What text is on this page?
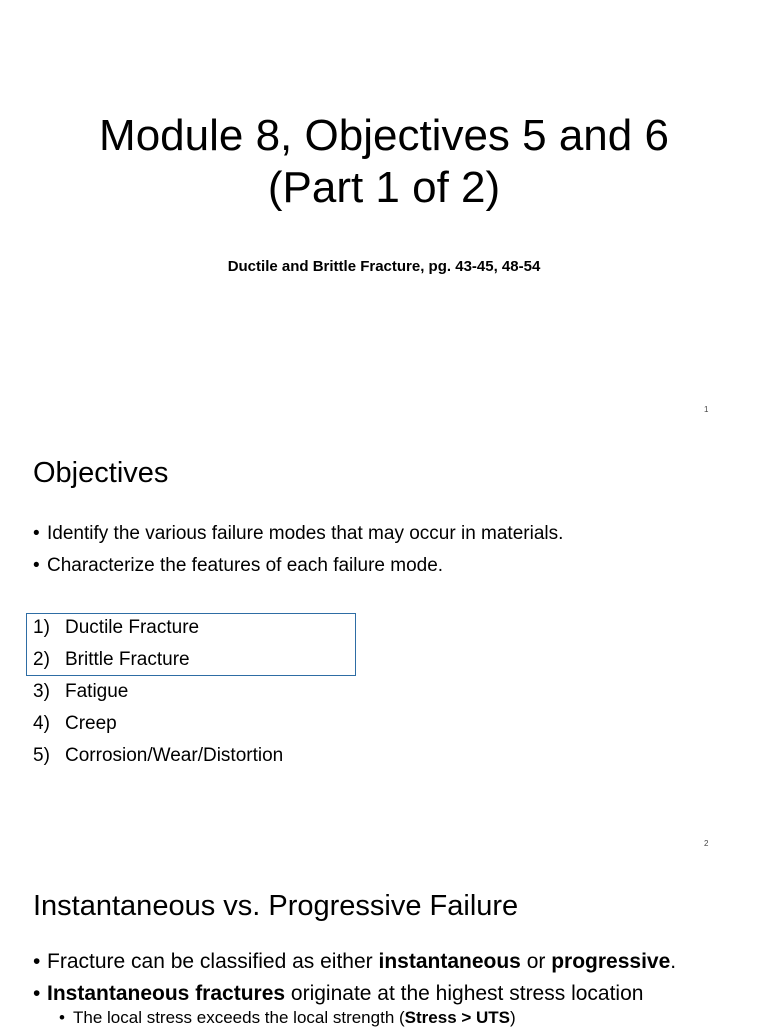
Module 8, Objectives 5 and 6
(Part 1 of 2)
Ductile and Brittle Fracture, pg. 43-45, 48-54
1
Objectives
• Identify the various failure modes that may occur in materials.
• Characterize the features of each failure mode.
1) Ductile Fracture
2) Brittle Fracture
3) Fatigue
4) Creep
5) Corrosion/Wear/Distortion
2
Instantaneous vs. Progressive Failure
• Fracture can be classified as either instantaneous or progressive.
• Instantaneous fractures originate at the highest stress location
• The local stress exceeds the local strength (Stress > UTS)
